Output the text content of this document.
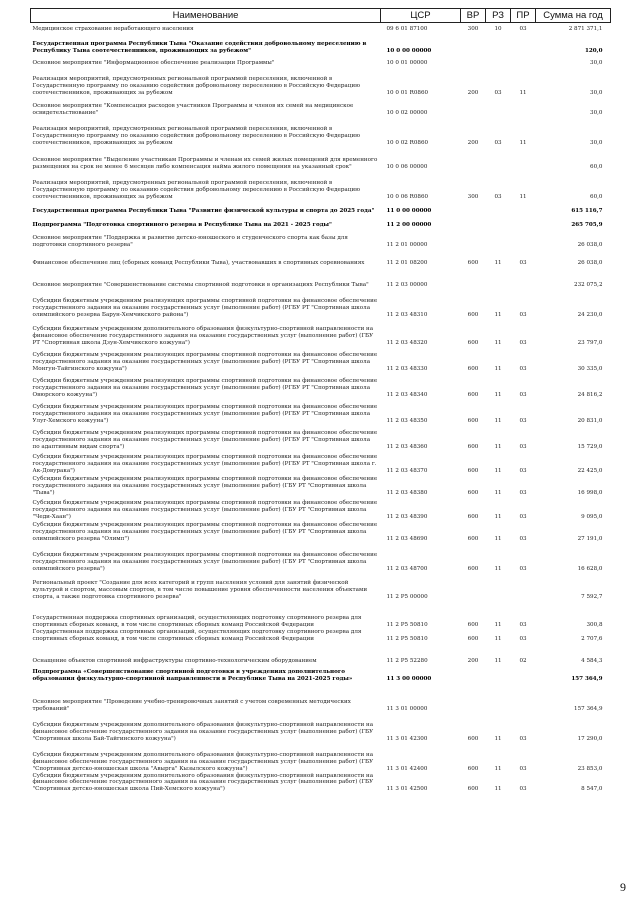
Наименование	ЦСР	ВР	РЗ	ПР	Сумма на год
Медицинское страхование неработающего населения	09 6 01 87100	300	10	03	2 871 371,1
Государственная программа Республики Тыва "Оказание содействия добровольному переселению в Республику Тыва соотечественников, проживающих за рубежом"	10 0 00 00000				120,0
Основное мероприятие "Информационное обеспечение реализации Программы"	10 0 01 00000				30,0
Реализация мероприятий, предусмотренных региональной программой переселения, включенной в Государственную программу по оказанию содействия добровольному переселению в Российскую Федерацию соотечественников, проживающих за рубежом	10 0 01 R0860	200	03	11	30,0
Основное мероприятие "Компенсация расходов участников Программы и членов их семей на медицинское освидетельствование"	10 0 02 00000				30,0
Реализация мероприятий, предусмотренных региональной программой переселения, включенной в Государственную программу по оказанию содействия добровольному переселению в Российскую Федерацию соотечественников, проживающих за рубежом	10 0 02 R0860	200	03	11	30,0
Основное мероприятие "Выделение участникам Программы и членам их семей жилых помещений для временного размещения на срок не менее 6 месяцев либо компенсация найма жилого помещения на указанный срок"	10 0 06 00000				60,0
Реализация мероприятий, предусмотренных региональной программой переселения, включенной в Государственную программу по оказанию содействия добровольному переселению в Российскую Федерацию соотечественников, проживающих за рубежом	10 0 06 R0860	300	03	11	60,0
Государственная программа Республики Тыва "Развитие физической культуры и спорта до 2025 года"	11 0 00 00000				615 116,7
Подпрограмма "Подготовка спортивного резерва в Республике Тыва на 2021 - 2025 годы"	11 2 00 00000				265 705,9
Основное мероприятие "Поддержка и развитие детско-юношеского и студенческого спорта как базы для подготовки спортивного резерва"	11 2 01 00000				26 038,0
Финансовое обеспечение лиц (сборных команд Республики Тыва), участвовавших в спортивных соревнованиях	11 2 01 08200	600	11	03	26 038,0
Основное мероприятие "Совершенствование системы спортивной подготовки в организациях Республики Тыва"	11 2 03 00000				232 075,2
Субсидии бюджетным учреждениям реализующих программы спортивной подготовки на финансовое обеспечение государственного задания на оказание государственных услуг (выполнение работ) (РГБУ РТ "Спортивная школа олимпийского резерва Барун-Хемчикского района")	11 2 03 48310	600	11	03	24 230,0
Субсидии бюджетным учреждениям дополнительного образования физкультурно-спортивной направленности на финансовое обеспечение государственного задания на оказание государственных услуг (выполнение работ) (ГБУ РТ "Спортивная школа Дзун-Хемчикского кожууна")	11 2 03 48320	600	11	03	23 797,0
Субсидии бюджетным учреждениям реализующих программы спортивной подготовки на финансовое обеспечение государственного задания на оказание государственных услуг (выполнение работ) (РГБУ РТ "Спортивная школа Монгун-Тайгинского кожууна")	11 2 03 48330	600	11	03	30 335,0
Субсидии бюджетным учреждениям реализующих программы спортивной подготовки на финансовое обеспечение государственного задания на оказание государственных услуг (выполнение работ) (РГБУ РТ "Спортивная школа Овюрского кожууна")	11 2 03 48340	600	11	03	24 816,2
Субсидии бюджетным учреждениям реализующих программы спортивной подготовки на финансовое обеспечение государственного задания на оказание государственных услуг (выполнение работ) (РГБУ РТ "Спортивная школа Улуг-Хемского кожууна")	11 2 03 48350	600	11	03	20 831,0
Субсидии бюджетным учреждениям реализующих программы спортивной подготовки на финансовое обеспечение государственного задания на оказание государственных услуг (выполнение работ) (РГБУ РТ "Спортивная школа по адаптивным видам спорта")	11 2 03 48360	600	11	03	15 729,0
Субсидии бюджетным учреждениям реализующих программы спортивной подготовки на финансовое обеспечение государственного задания на оказание государственных услуг (выполнение работ) (РГБУ РТ "Спортивная школа г. Ак-Довурака")	11 2 03 48370	600	11	03	22 425,0
Субсидии бюджетным учреждениям реализующих программы спортивной подготовки на финансовое обеспечение государственного задания на оказание государственных услуг (выполнение работ) (ГБУ РТ "Спортивная школа "Тыва")	11 2 03 48380	600	11	03	16 998,0
Субсидии бюджетным учреждениям реализующих программы спортивной подготовки на финансовое обеспечение государственного задания на оказание государственных услуг (выполнение работ) (ГБУ РТ "Спортивная школа "Чеди-Хаан")	11 2 03 48390	600	11	03	9 095,0
Субсидии бюджетным учреждениям реализующих программы спортивной подготовки на финансовое обеспечение государственного задания на оказание государственных услуг (выполнение работ) (ГБУ РТ "Спортивная школа олимпийского резерва "Олимп")	11 2 03 48690	600	11	03	27 191,0
Субсидии бюджетным учреждениям реализующих программы спортивной подготовки на финансовое обеспечение государственного задания на оказание государственных услуг (выполнение работ) (ГБУ РТ "Спортивная школа олимпийского резерва")	11 2 03 48700	600	11	03	16 628,0
Региональный проект "Создание для всех категорий и групп населения условий для занятий физической культурой и спортом, массовым спортом, в том числе повышение уровня обеспеченности населения объектами спорта, а также подготовка спортивного резерва"	11 2 P5 00000				7 592,7
Государственная поддержка спортивных организаций, осуществляющих подготовку спортивного резерва для спортивных сборных команд, в том числе спортивных сборных команд Российской Федерации	11 2 P5 50810	600	11	03	300,8
Государственная поддержка спортивных организаций, осуществляющих подготовку спортивного резерва для спортивных сборных команд, в том числе спортивных сборных команд Российской Федерации	11 2 P5 50810	600	11	03	2 707,6
Оснащение объектов спортивной инфраструктуры спортивно-технологическим оборудованием	11 2 P5 52280	200	11	02	4 584,3
Подпрограмма «Совершенствование спортивной подготовки в учреждениях дополнительного образования физкультурно-спортивной направленности в Республике Тыва на 2021-2025 годы»	11 3 00 00000				157 364,9
Основное мероприятие "Проведение учебно-тренировочных занятий с учетом современных методических требований"	11 3 01 00000				157 364,9
Субсидии бюджетным учреждениям дополнительного образования физкультурно-спортивной направленности на финансовое обеспечение государственного задания на оказание государственных услуг (выполнение работ) (ГБУ "Спортивная школа Бай-Тайгинского кожууна")	11 3 01 42300	600	11	03	17 290,0
Субсидии бюджетным учреждениям дополнительного образования физкультурно-спортивной направленности на финансовое обеспечение государственного задания на оказание государственных услуг (выполнение работ) (ГБУ "Спортивная детско-юношеская школа "Авырга" Кызылского кожууна")	11 3 01 42400	600	11	03	23 853,0
Субсидии бюджетным учреждениям дополнительного образования физкультурно-спортивной направленности на финансовое обеспечение государственного задания на оказание государственных услуг (выполнение работ) (ГБУ "Спортивная детско-юношеская школа Пий-Хемского кожууна")	11 3 01 42500	600	11	03	8 547,0
9
